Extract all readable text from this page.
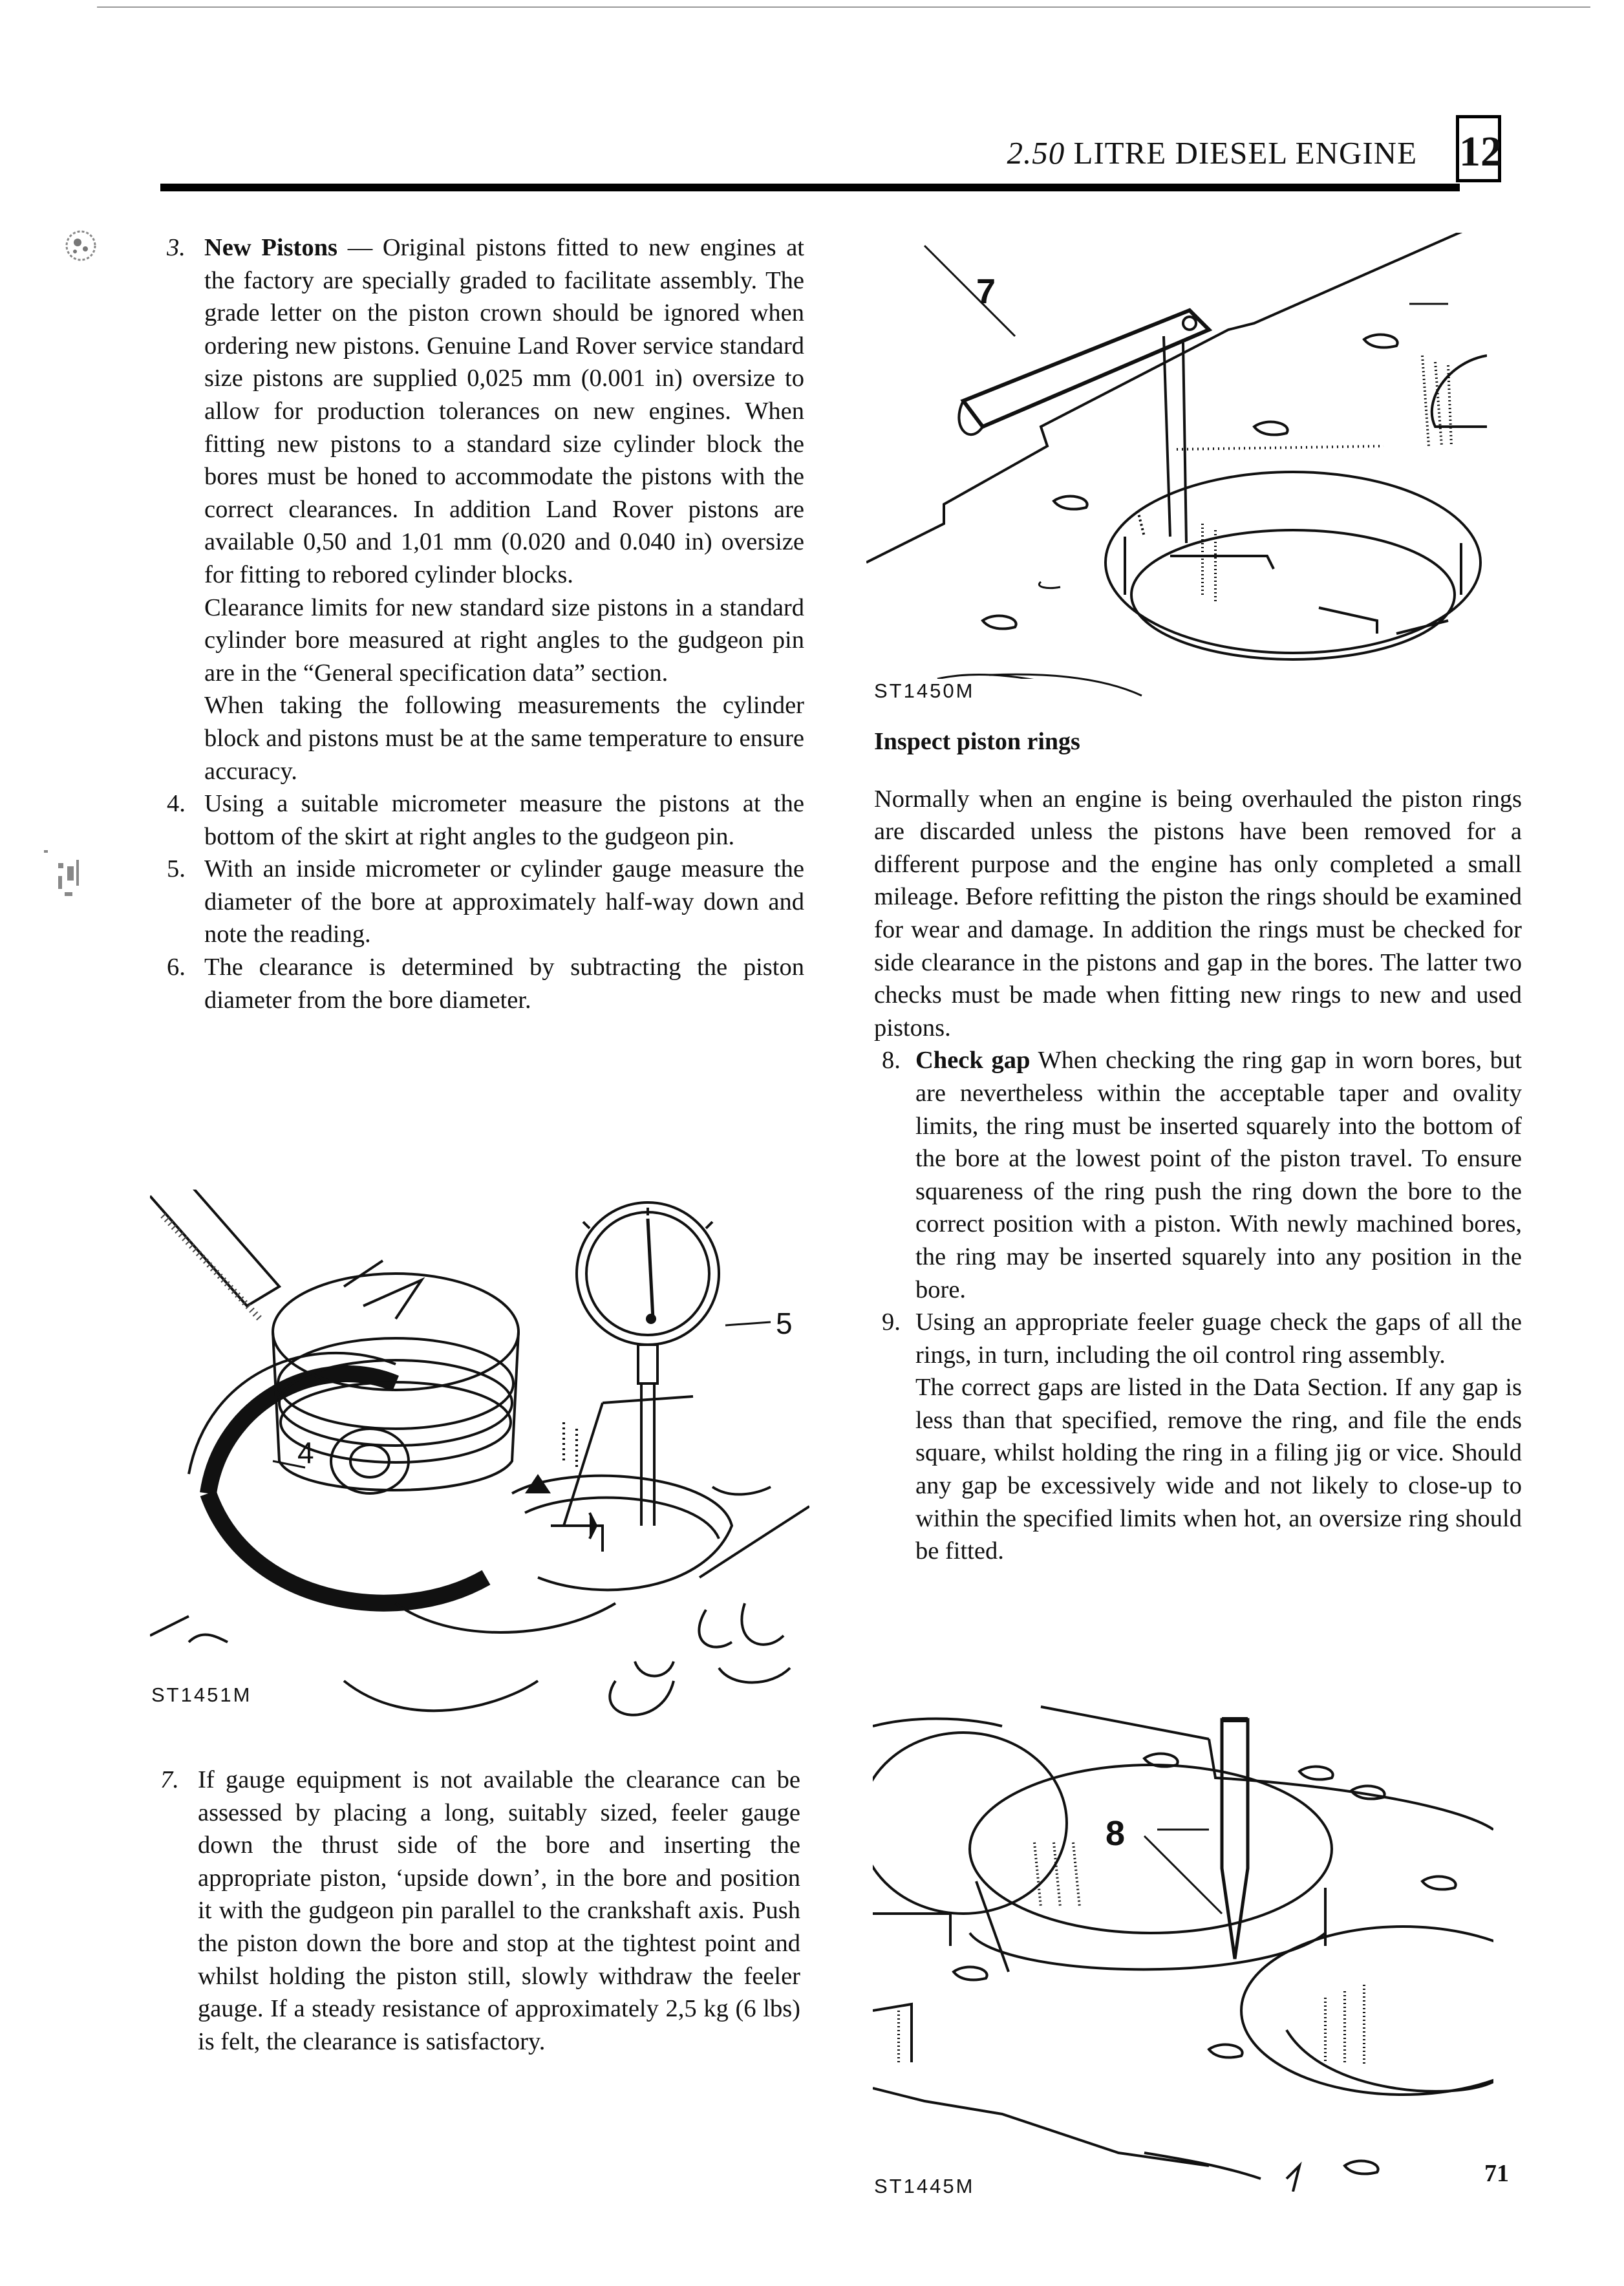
2.50 LITRE DIESEL ENGINE 12

3. New Pistons — Original pistons fitted to new engines at the factory are specially graded to facilitate assembly. The grade letter on the piston crown should be ignored when ordering new pistons. Genuine Land Rover service standard size pistons are supplied 0,025 mm (0.001 in) oversize to allow for production tolerances on new engines. When fitting new pistons to a standard size cylinder block the bores must be honed to accommodate the pistons with the correct clearances. In addition Land Rover pistons are available 0,50 and 1,01 mm (0.020 and 0.040 in) oversize for fitting to rebored cylinder blocks.

Clearance limits for new standard size pistons in a standard cylinder bore measured at right angles to the gudgeon pin are in the “General specification data” section.

When taking the following measurements the cylinder block and pistons must be at the same temperature to ensure accuracy.

4. Using a suitable micrometer measure the pistons at the bottom of the skirt at right angles to the gudgeon pin.

5. With an inside micrometer or cylinder gauge measure the diameter of the bore at approximately half-way down and note the reading.

6. The clearance is determined by subtracting the piston diameter from the bore diameter.

4
5
ST1451M

7. If gauge equipment is not available the clearance can be assessed by placing a long, suitably sized, feeler gauge down the thrust side of the bore and inserting the appropriate piston, ‘upside down’, in the bore and position it with the gudgeon pin parallel to the crankshaft axis. Push the piston down the bore and stop at the tightest point and whilst holding the piston still, slowly withdraw the feeler gauge. If a steady resistance of approximately 2,5 kg (6 lbs) is felt, the clearance is satisfactory.

7
ST1450M

Inspect piston rings

Normally when an engine is being overhauled the piston rings are discarded unless the pistons have been removed for a different purpose and the engine has only completed a small mileage. Before refitting the piston the rings should be examined for wear and damage. In addition the rings must be checked for side clearance in the pistons and gap in the bores. The latter two checks must be made when fitting new rings to new and used pistons.

8. Check gap When checking the ring gap in worn bores, but are nevertheless within the acceptable taper and ovality limits, the ring must be inserted squarely into the bottom of the bore at the lowest point of the piston travel. To ensure squareness of the ring push the ring down the bore to the correct position with a piston. With newly machined bores, the ring may be inserted squarely into any position in the bore.

9. Using an appropriate feeler guage check the gaps of all the rings, in turn, including the oil control ring assembly.

The correct gaps are listed in the Data Section. If any gap is less than that specified, remove the ring, and file the ends square, whilst holding the ring in a filing jig or vice. Should any gap be excessively wide and not likely to close-up to within the specified limits when hot, an oversize ring should be fitted.

8
ST1445M	71
